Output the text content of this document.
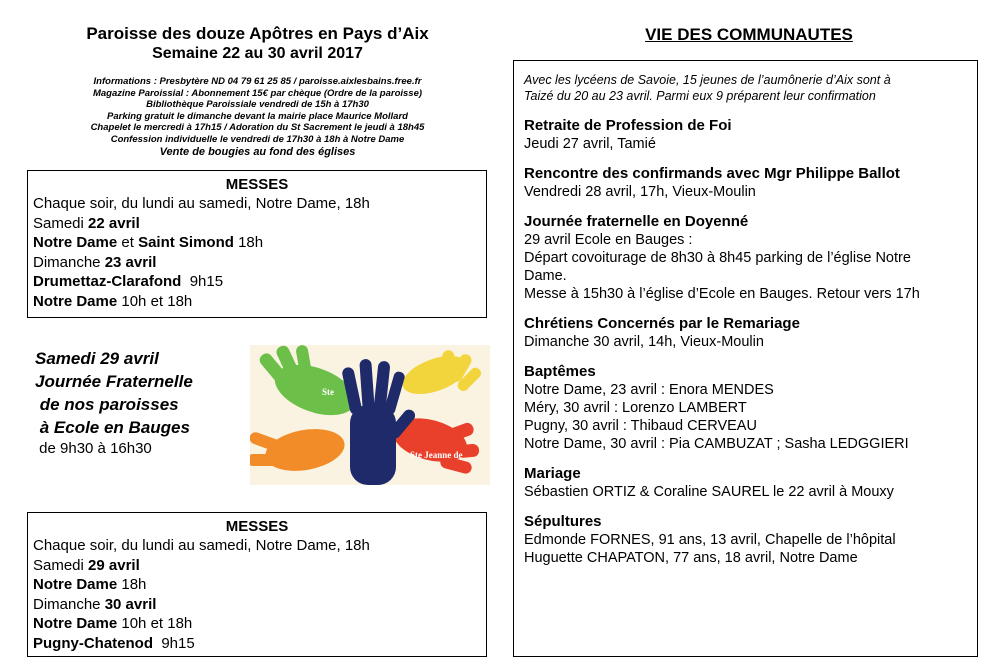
Paroisse des douze Apôtres en Pays d’Aix
Semaine 22 au 30 avril 2017
Informations : Presbytère ND 04 79 61 25 85 / paroisse.aixlesbains.free.fr
Magazine Paroissial : Abonnement 15€ par chèque (Ordre de la paroisse)
Bibliothèque Paroissiale vendredi de 15h à 17h30
Parking gratuit le dimanche devant la mairie place Maurice Mollard
Chapelet le mercredi à 17h15 / Adoration du St Sacrement le jeudi à 18h45
Confession individuelle le vendredi de 17h30 à 18h à Notre Dame
Vente de bougies au fond des églises
MESSES
Chaque soir, du lundi au samedi, Notre Dame, 18h
Samedi 22 avril
Notre Dame et Saint Simond 18h
Dimanche 23 avril
Drumettaz-Clarafond  9h15
Notre Dame 10h et 18h
Samedi 29 avril
Journée Fraternelle
de nos paroisses
à Ecole en Bauges
de 9h30 à 16h30
Ste
Ste Jeanne de
MESSES
Chaque soir, du lundi au samedi, Notre Dame, 18h
Samedi 29 avril
Notre Dame 18h
Dimanche 30 avril
Notre Dame 10h et 18h
Pugny-Chatenod  9h15
VIE DES COMMUNAUTES
Avec les lycéens de Savoie, 15 jeunes de l’aumônerie d’Aix sont à
Taizé du 20 au 23 avril. Parmi eux 9 préparent leur confirmation
Retraite de Profession de Foi
Jeudi 27 avril, Tamié
Rencontre des confirmands avec Mgr Philippe Ballot
Vendredi 28 avril, 17h, Vieux-Moulin
Journée fraternelle en Doyenné
29 avril Ecole en Bauges :
Départ covoiturage de 8h30 à 8h45 parking de l’église Notre
Dame.
Messe à 15h30 à l’église d’Ecole en Bauges. Retour vers 17h
Chrétiens Concernés par le Remariage
Dimanche 30 avril, 14h, Vieux-Moulin
Baptêmes
Notre Dame, 23 avril : Enora MENDES
Méry, 30 avril : Lorenzo LAMBERT
Pugny, 30 avril : Thibaud CERVEAU
Notre Dame, 30 avril : Pia CAMBUZAT ; Sasha LEDGGIERI
Mariage
Sébastien ORTIZ & Coraline SAUREL le 22 avril à Mouxy
Sépultures
Edmonde FORNES, 91 ans, 13 avril, Chapelle de l’hôpital
Huguette CHAPATON, 77 ans, 18 avril, Notre Dame
